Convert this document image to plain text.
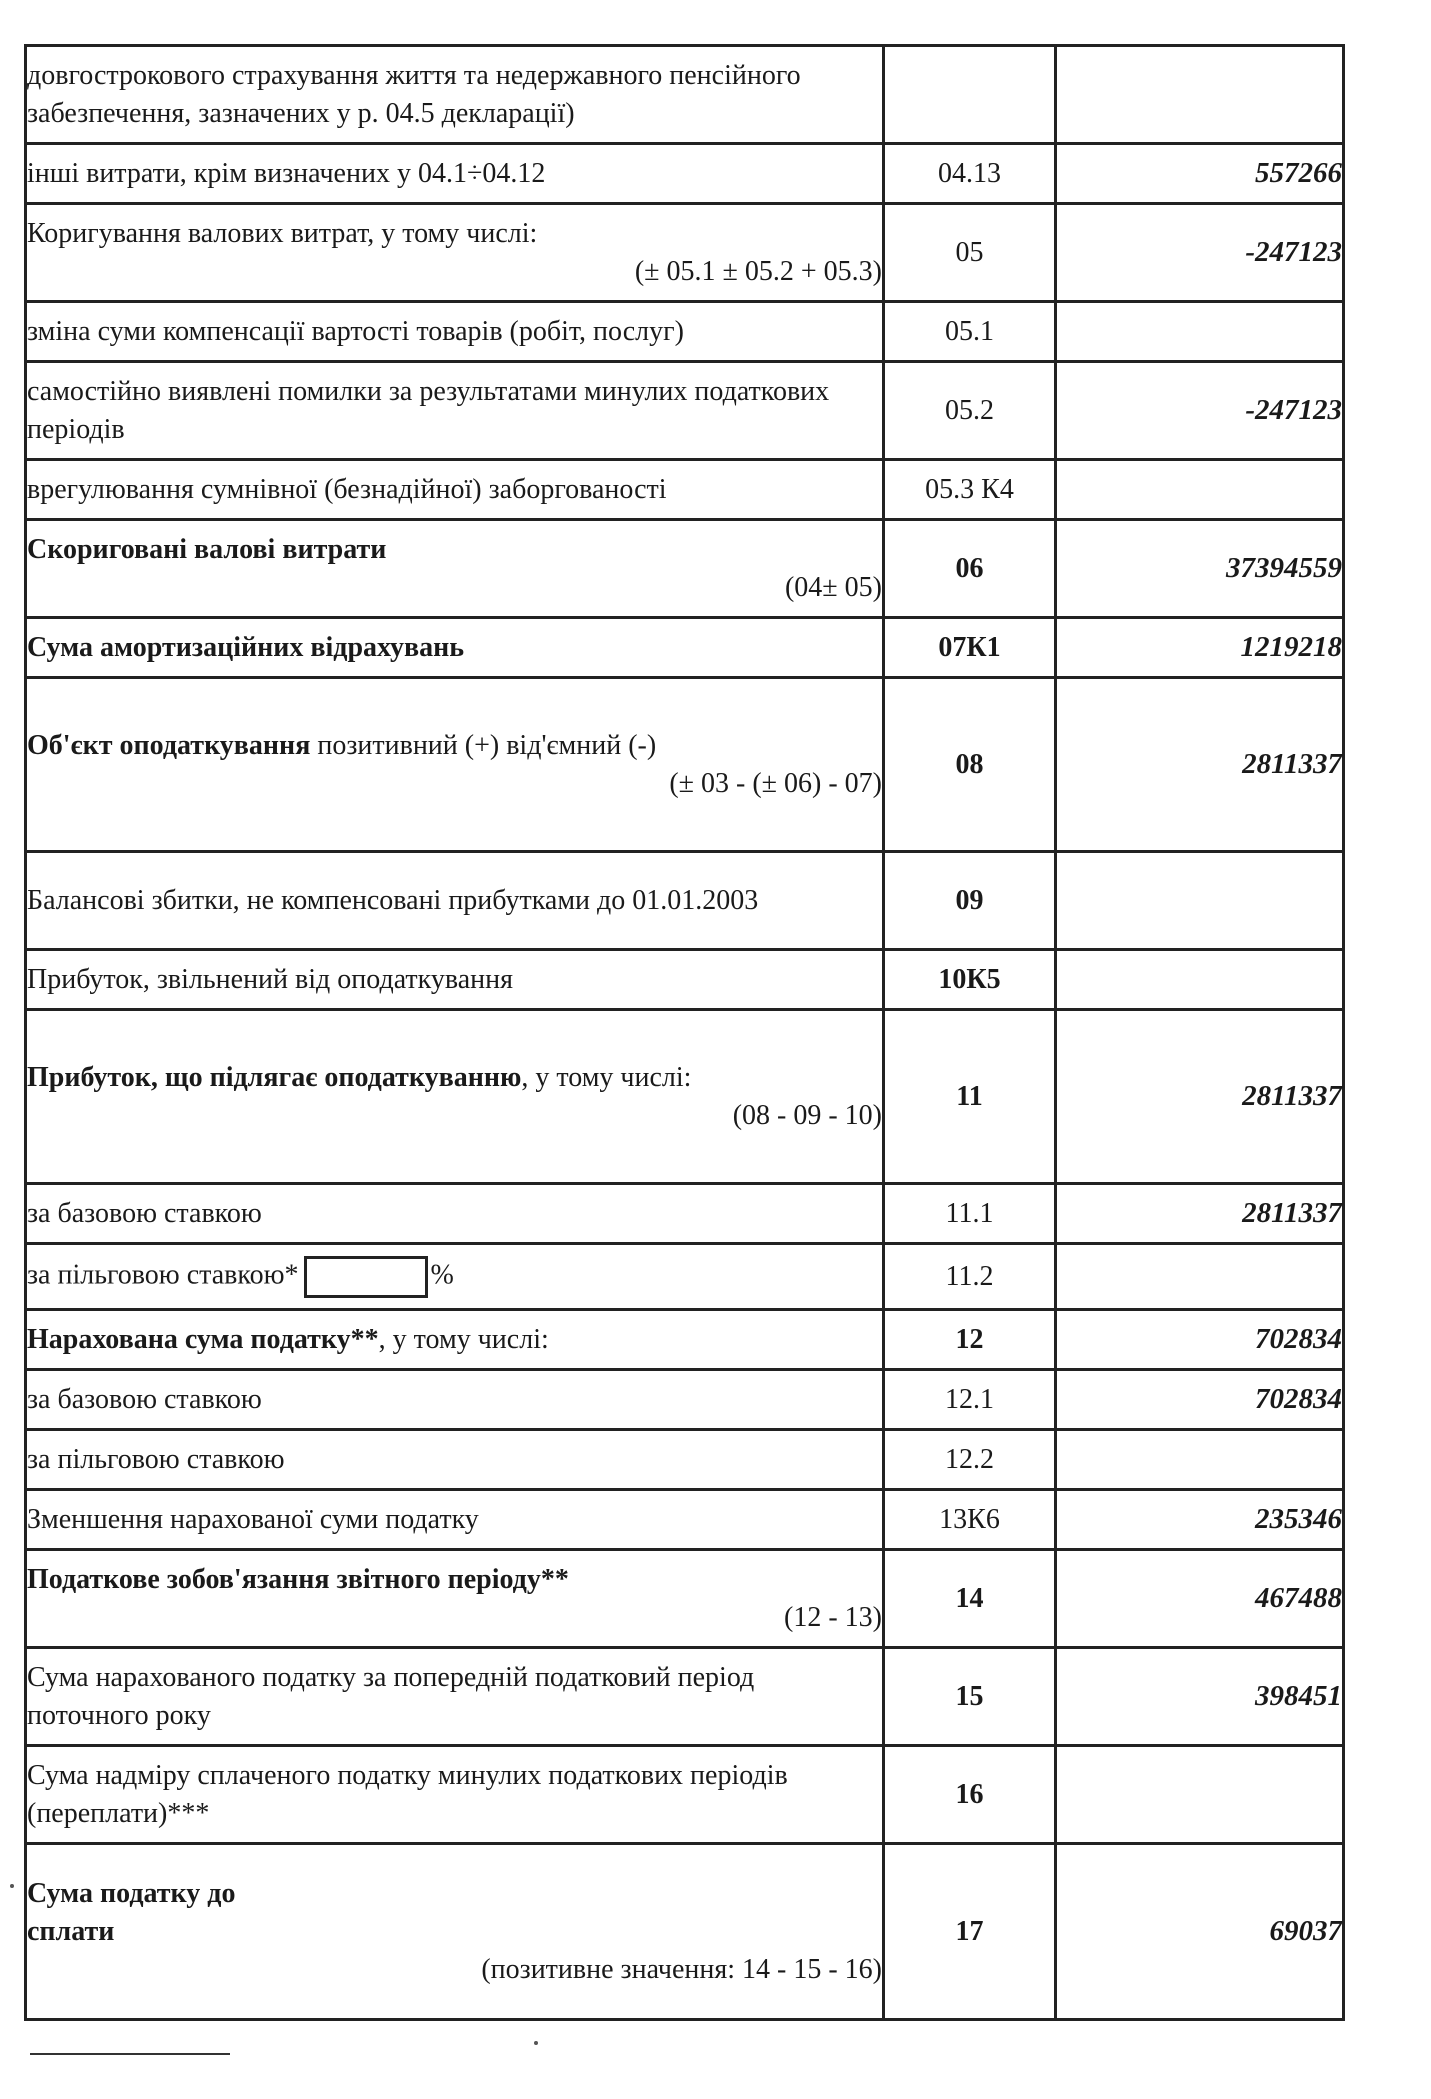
довгострокового страхування життя та недержавного пенсійного забезпечення, зазначених у р. 04.5 декларації)		

інші витрати, крім визначених у 04.1÷04.12	04.13	557266

Коригування валових витрат, у тому числі:
(± 05.1 ± 05.2 + 05.3)	05	-247123

зміна суми компенсації вартості товарів (робіт, послуг)	05.1	

самостійно виявлені помилки за результатами минулих податкових періодів	05.2	-247123

врегулювання сумнівної (безнадійної) заборгованості	05.3 К4	

Скориговані валові витрати
(04± 05)	06	37394559

Сума амортизаційних відрахувань	07К1	1219218

Об'єкт оподаткування позитивний (+) від'ємний (-)
(± 03 - (± 06) - 07)	08	2811337

Балансові збитки, не компенсовані прибутками до 01.01.2003	09	

Прибуток, звільнений від оподаткування	10К5	

Прибуток, що підлягає оподаткуванню, у тому числі:
(08 - 09 - 10)	11	2811337

за базовою ставкою	11.1	2811337

за пільговою ставкою* %	11.2	

Нарахована сума податку**, у тому числі:	12	702834

за базовою ставкою	12.1	702834

за пільговою ставкою	12.2	

Зменшення нарахованої суми податку	13К6	235346

Податкове зобов'язання звітного періоду**
(12 - 13)	14	467488

Сума нарахованого податку за попередній податковий період поточного року	15	398451

Сума надміру сплаченого податку минулих податкових періодів (переплати)***	16	

Сума податку до сплати
(позитивне значення: 14 - 15 - 16)	17	69037
